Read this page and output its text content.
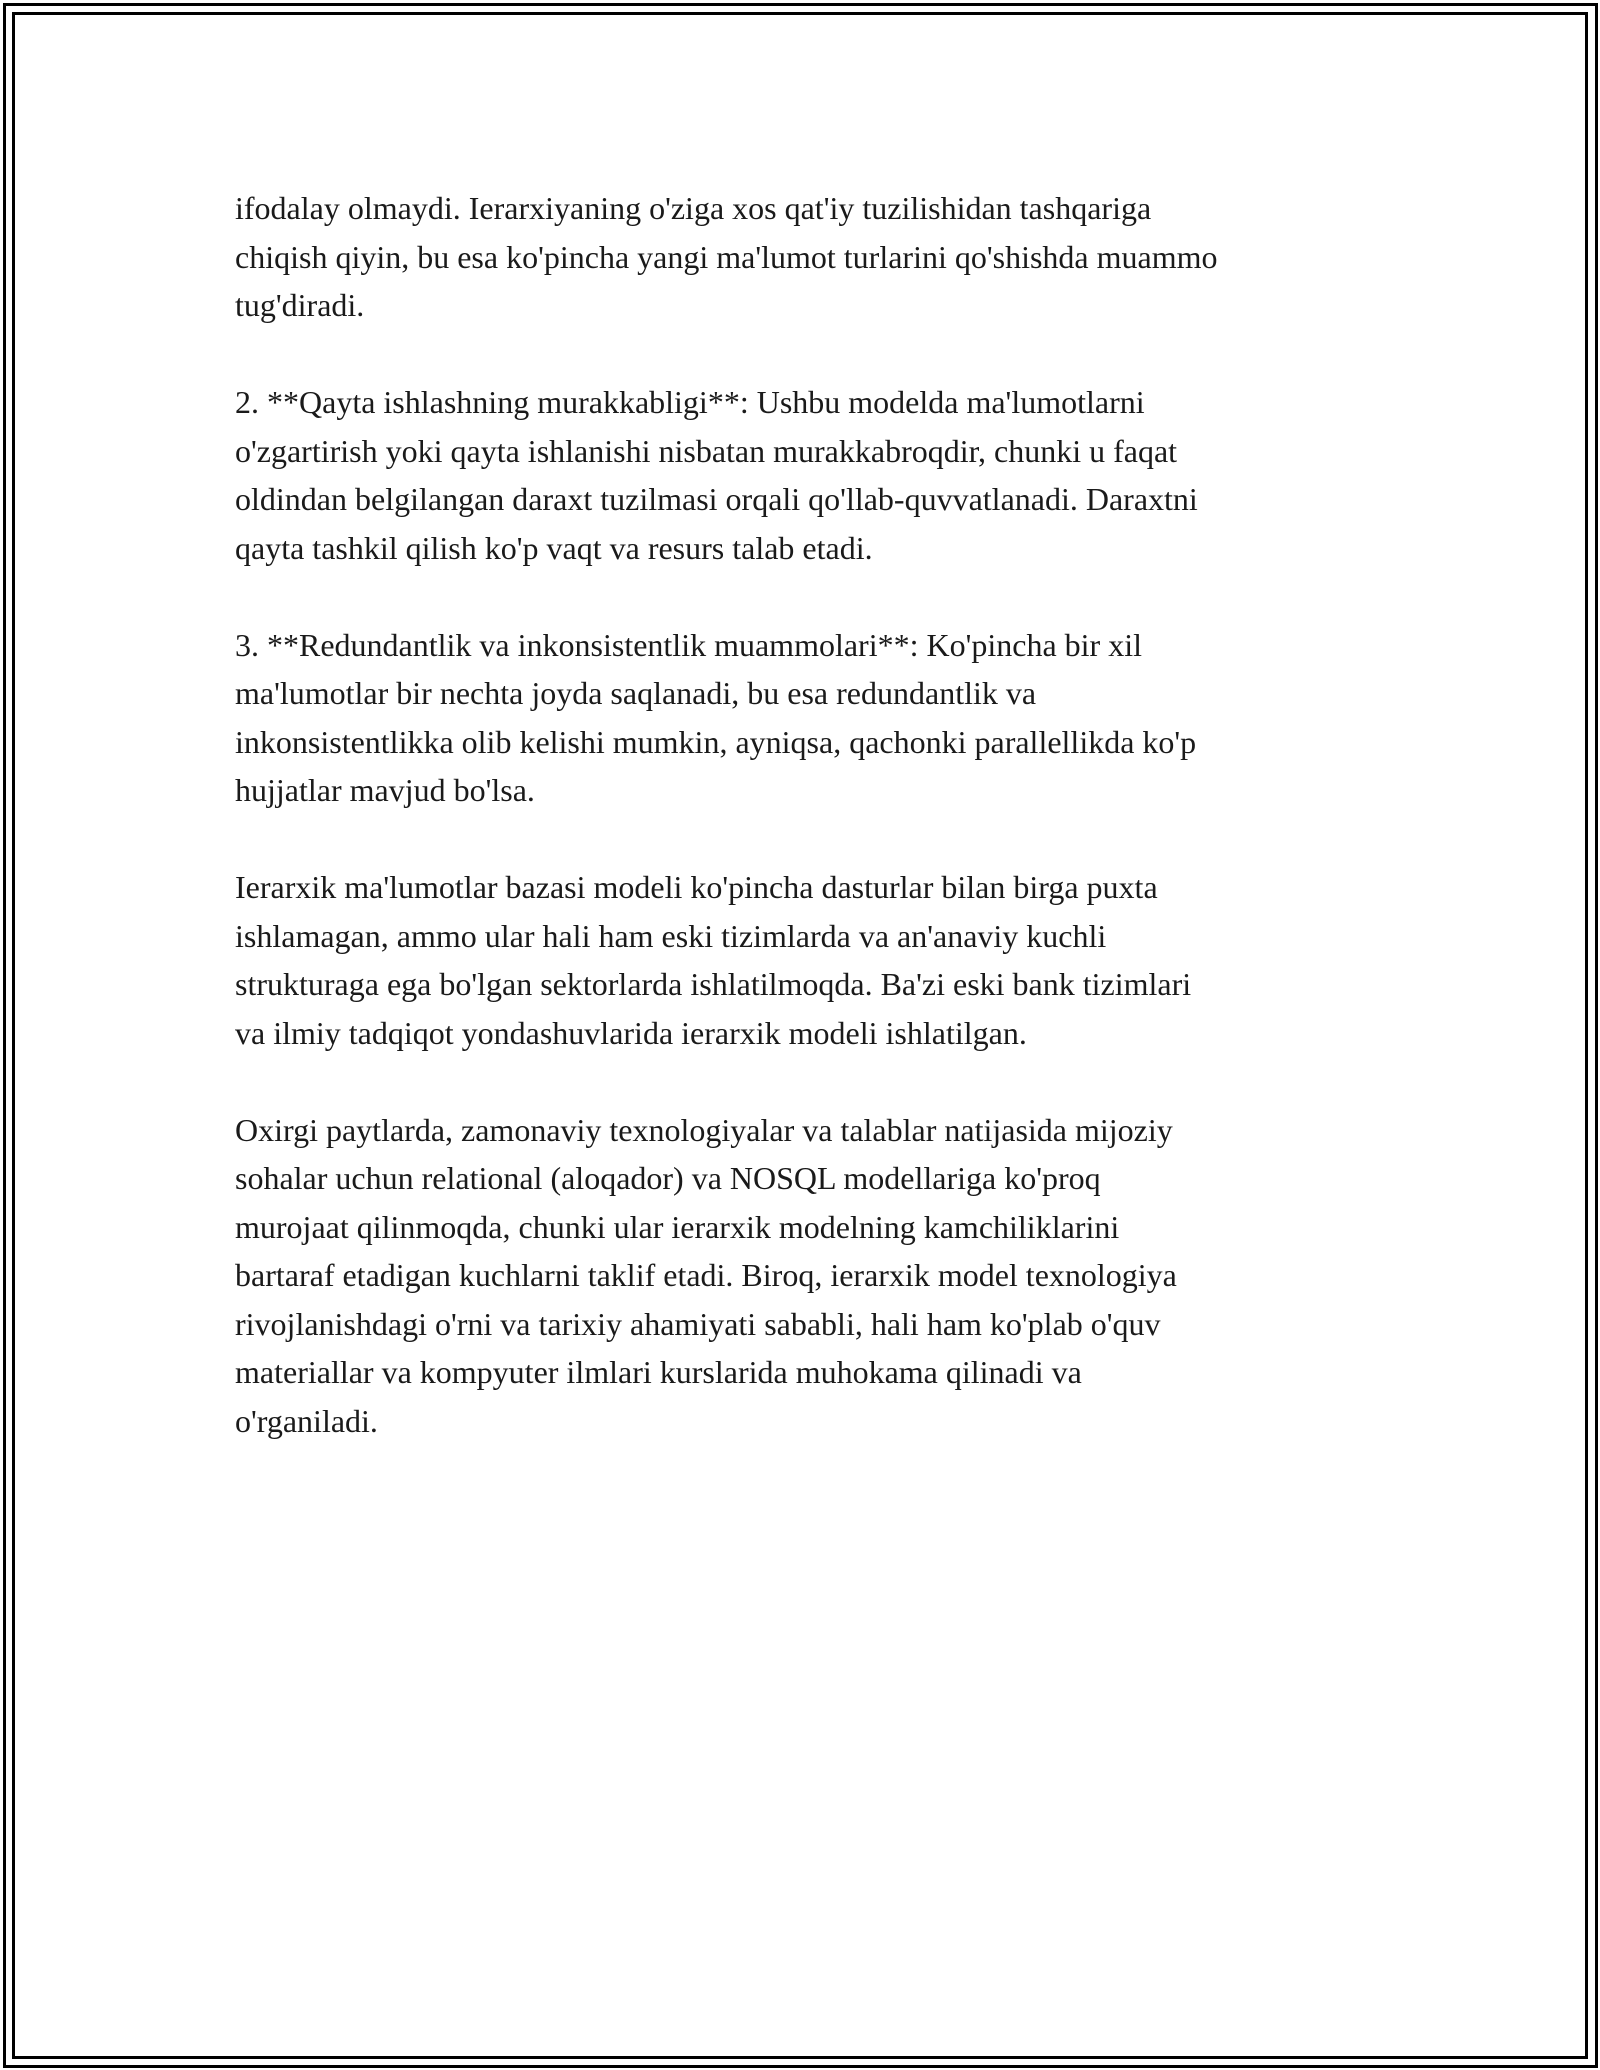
ifodalay olmaydi. Ierarxiyaning o'ziga xos qat'iy tuzilishidan tashqariga
chiqish qiyin, bu esa ko'pincha yangi ma'lumot turlarini qo'shishda muammo
tug'diradi.

2. **Qayta ishlashning murakkabligi**: Ushbu modelda ma'lumotlarni
o'zgartirish yoki qayta ishlanishi nisbatan murakkabroqdir, chunki u faqat
oldindan belgilangan daraxt tuzilmasi orqali qo'llab-quvvatlanadi. Daraxtni
qayta tashkil qilish ko'p vaqt va resurs talab etadi.

3. **Redundantlik va inkonsistentlik muammolari**: Ko'pincha bir xil
ma'lumotlar bir nechta joyda saqlanadi, bu esa redundantlik va
inkonsistentlikka olib kelishi mumkin, ayniqsa, qachonki parallellikda ko'p
hujjatlar mavjud bo'lsa.

Ierarxik ma'lumotlar bazasi modeli ko'pincha dasturlar bilan birga puxta
ishlamagan, ammo ular hali ham eski tizimlarda va an'anaviy kuchli
strukturaga ega bo'lgan sektorlarda ishlatilmoqda. Ba'zi eski bank tizimlari
va ilmiy tadqiqot yondashuvlarida ierarxik modeli ishlatilgan.

Oxirgi paytlarda, zamonaviy texnologiyalar va talablar natijasida mijoziy
sohalar uchun relational (aloqador) va NOSQL modellariga ko'proq
murojaat qilinmoqda, chunki ular ierarxik modelning kamchiliklarini
bartaraf etadigan kuchlarni taklif etadi. Biroq, ierarxik model texnologiya
rivojlanishdagi o'rni va tarixiy ahamiyati sababli, hali ham ko'plab o'quv
materiallar va kompyuter ilmlari kurslarida muhokama qilinadi va
o'rganiladi.
